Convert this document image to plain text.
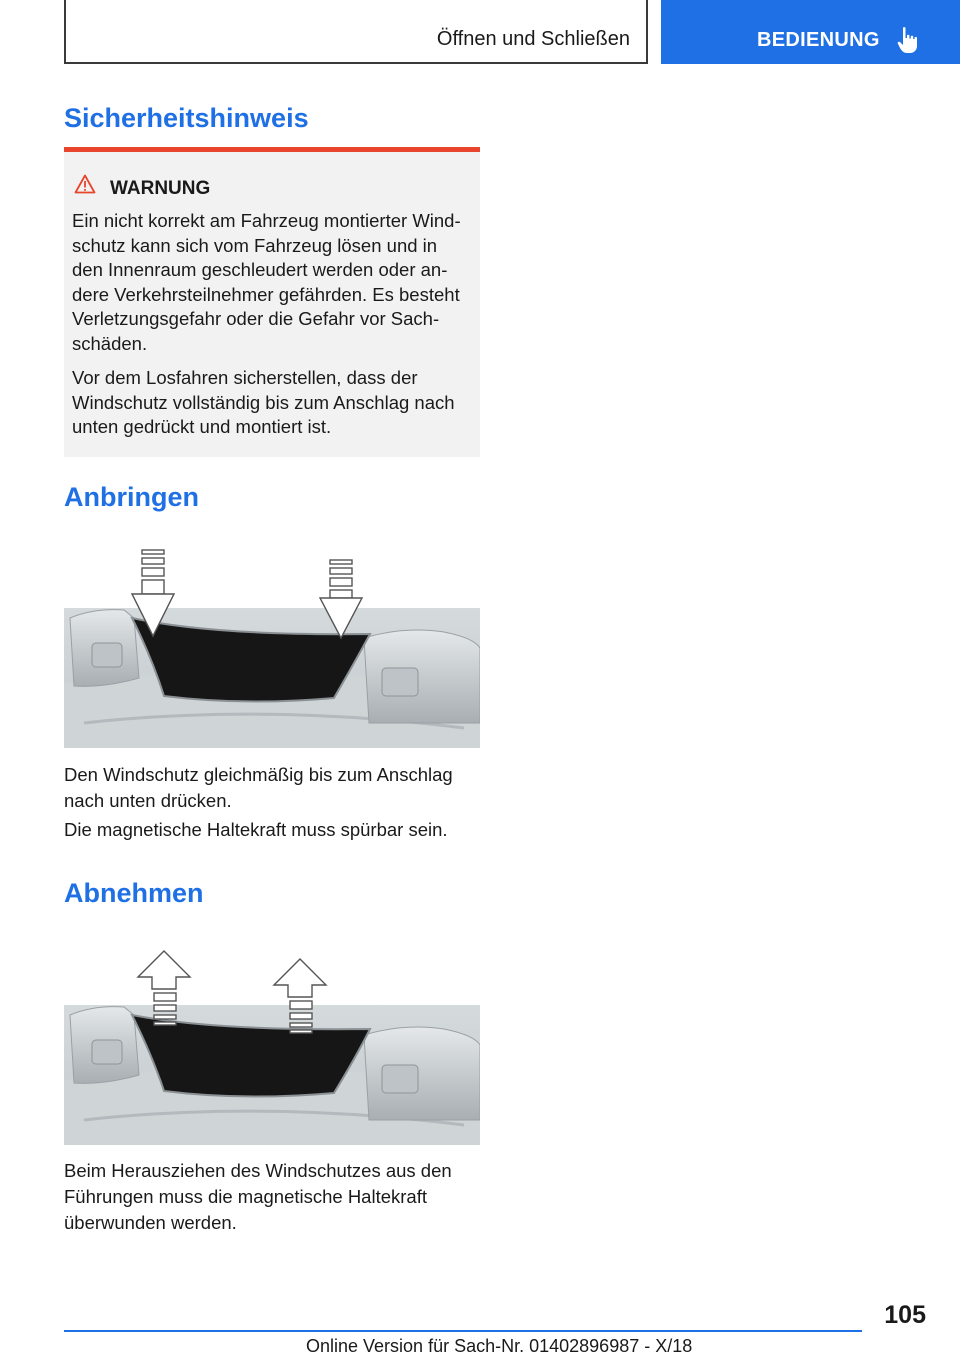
Öffnen und Schließen	BEDIENUNG
Sicherheitshinweis
WARNUNG

Ein nicht korrekt am Fahrzeug montierter Wind-
schutz kann sich vom Fahrzeug lösen und in
den Innenraum geschleudert werden oder an-
dere Verkehrsteilnehmer gefährden. Es besteht
Verletzungsgefahr oder die Gefahr vor Sach-
schäden.

Vor dem Losfahren sicherstellen, dass der
Windschutz vollständig bis zum Anschlag nach
unten gedrückt und montiert ist.

Anbringen

Den Windschutz gleichmäßig bis zum Anschlag
nach unten drücken.

Die magnetische Haltekraft muss spürbar sein.

Abnehmen

Beim Herausziehen des Windschutzes aus den
Führungen muss die magnetische Haltekraft
überwunden werden.

105
Online Version für Sach-Nr. 01402896987 - X/18
